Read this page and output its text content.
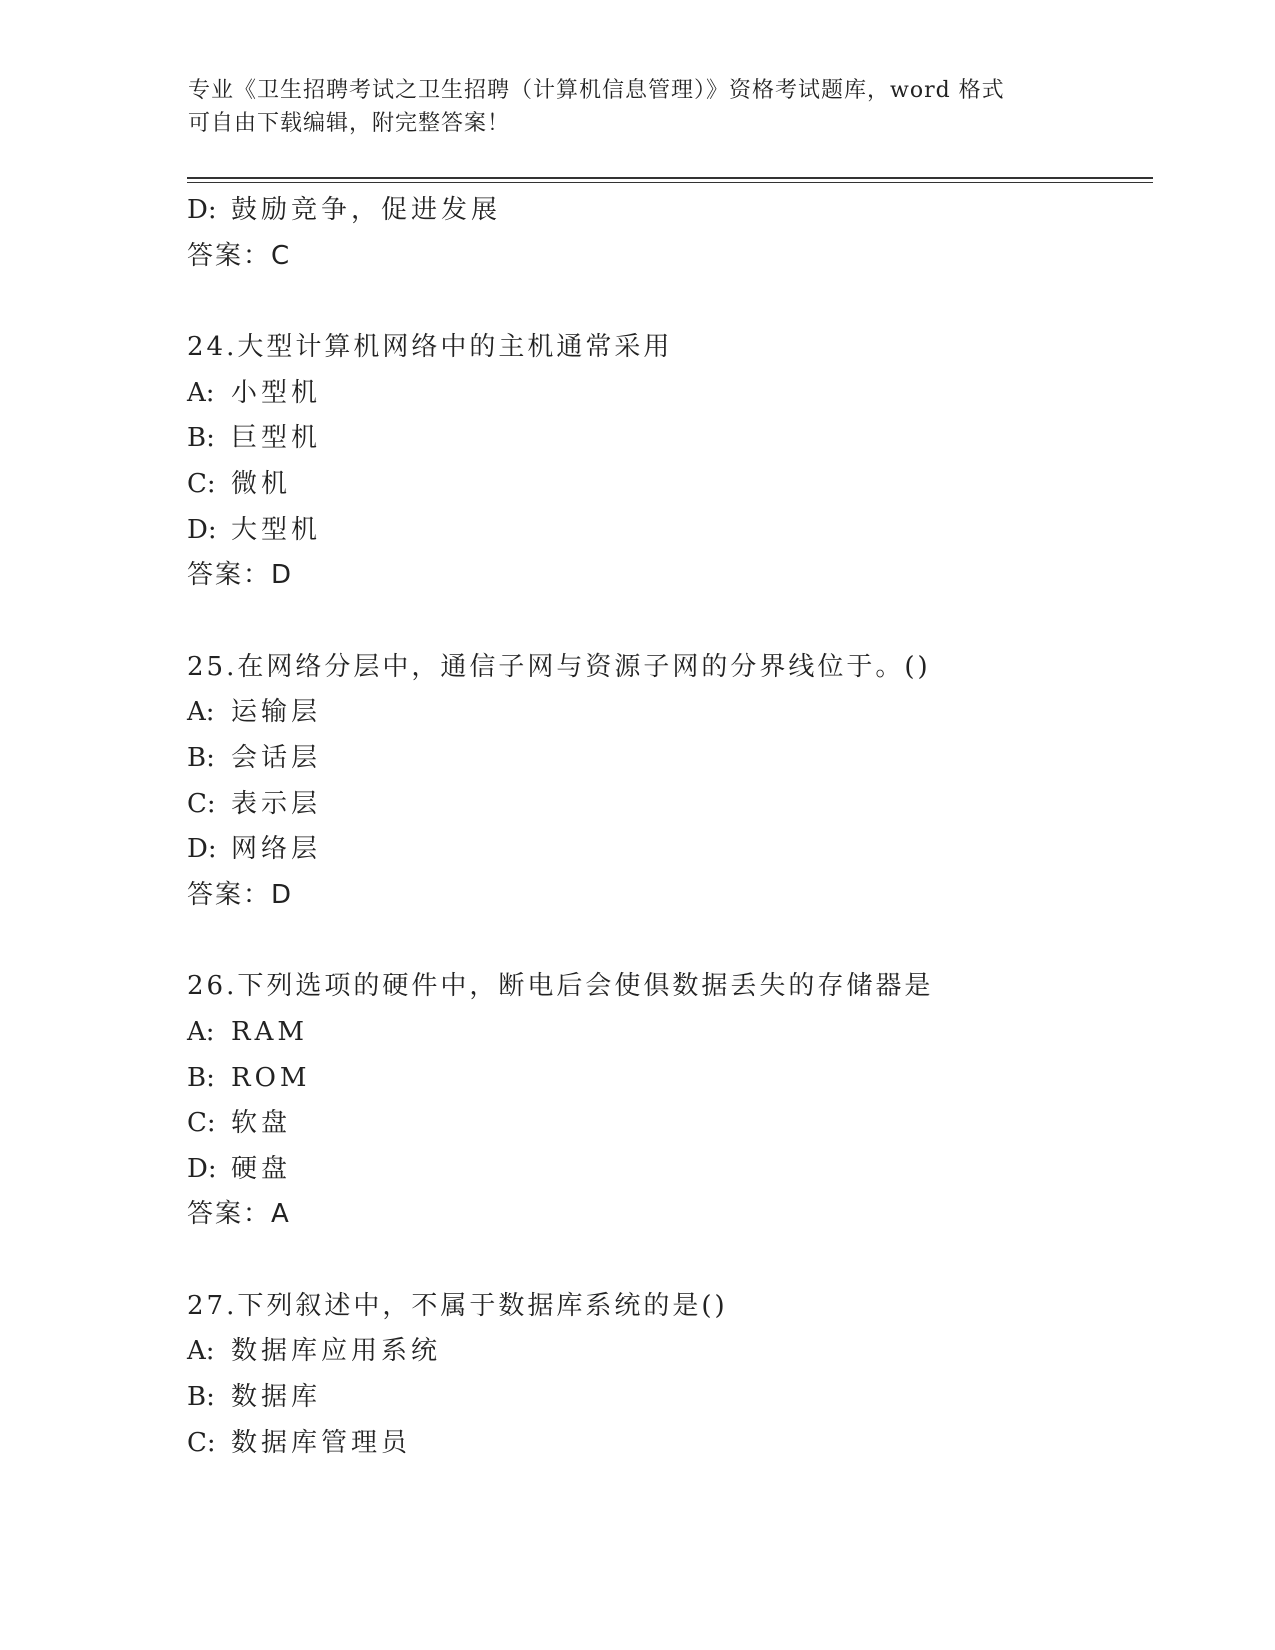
专业《卫生招聘考试之卫生招聘（计算机信息管理）》资格考试题库，word 格式
可自由下载编辑，附完整答案！
D: 鼓励竞争，促进发展
答案：C
24.大型计算机网络中的主机通常采用
A: 小型机
B: 巨型机
C: 微机
D: 大型机
答案：D
25.在网络分层中，通信子网与资源子网的分界线位于。()
A: 运输层
B: 会话层
C: 表示层
D: 网络层
答案：D
26.下列选项的硬件中，断电后会使俱数据丢失的存储器是
A: RAM
B: ROM
C: 软盘
D: 硬盘
答案：A
27.下列叙述中，不属于数据库系统的是()
A: 数据库应用系统
B: 数据库
C: 数据库管理员
